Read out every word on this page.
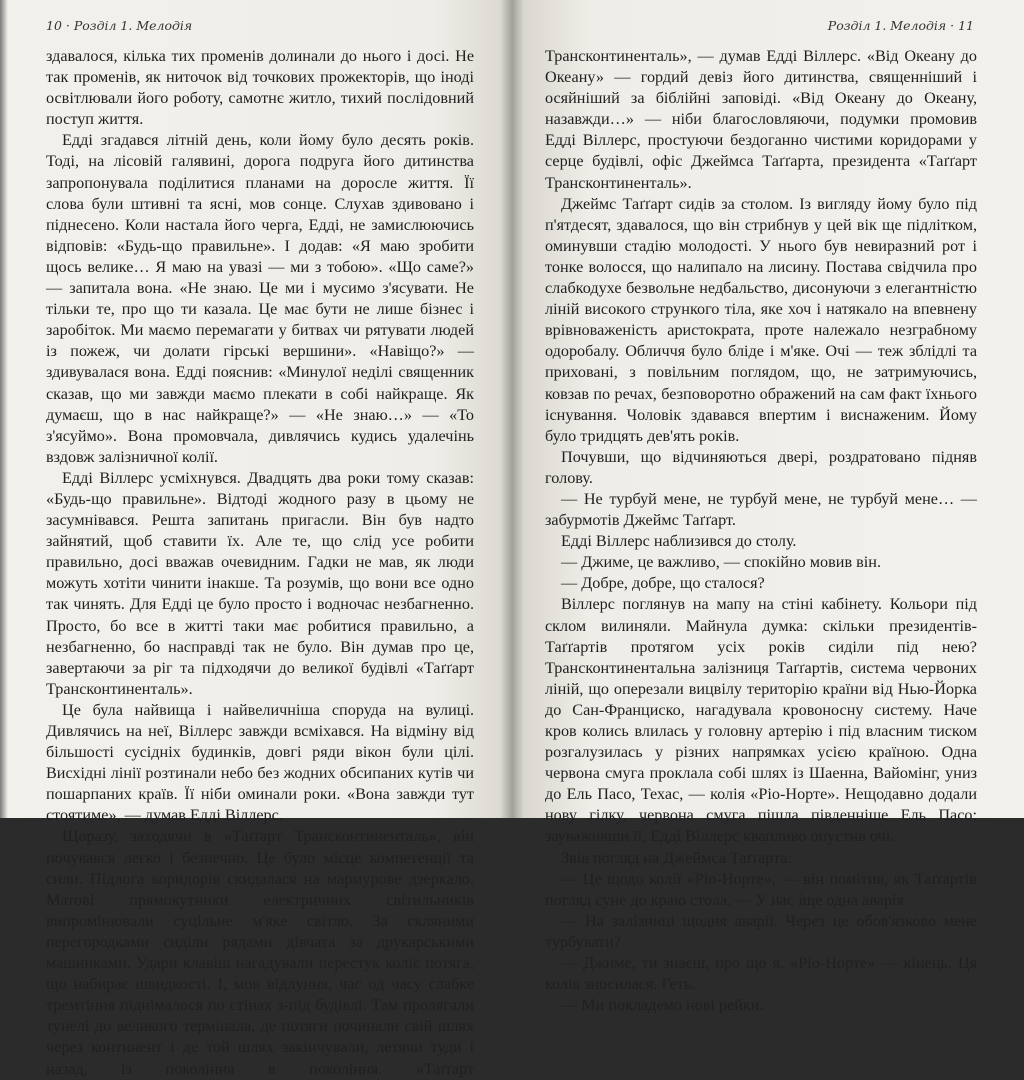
10 · Розділ 1. Мелодія

здавалося, кілька тих променів долинали до нього і досі. Не так променів, як ниточок від точкових прожекторів, що іноді освітлювали його роботу, самотнє житло, тихий послідовний поступ життя.

Едді згадався літній день, коли йому було десять років. Тоді, на лісовій галявині, дорога подруга його дитинства запропонувала поділитися планами на доросле життя. Її слова були штивні та ясні, мов сонце. Слухав здивовано і піднесено. Коли настала його черга, Едді, не замислюючись відповів: «Будь-що правильне». І додав: «Я маю зробити щось велике… Я маю на увазі — ми з тобою». «Що саме?» — запитала вона. «Не знаю. Це ми і мусимо з'ясувати. Не тільки те, про що ти казала. Це має бути не лише бізнес і заробіток. Ми маємо перемагати у битвах чи рятувати людей із пожеж, чи долати гірські вершини». «Навіщо?» — здивувалася вона. Едді пояснив: «Минулої неділі священник сказав, що ми завжди маємо плекати в собі найкраще. Як думаєш, що в нас найкраще?» — «Не знаю…» — «То з'ясуймо». Вона промовчала, дивлячись кудись удалечінь вздовж залізничної колії.

Едді Віллерс усміхнувся. Двадцять два роки тому сказав: «Будь-що правильне». Відтоді жодного разу в цьому не засумнівався. Решта запитань пригасли. Він був надто зайнятий, щоб ставити їх. Але те, що слід усе робити правильно, досі вважав очевидним. Гадки не мав, як люди можуть хотіти чинити інакше. Та розумів, що вони все одно так чинять. Для Едді це було просто і водночас незбагненно. Просто, бо все в житті таки має робитися правильно, а незбагненно, бо насправді так не було. Він думав про це, завертаючи за ріг та підходячи до великої будівлі «Таґґарт Трансконтиненталь».

Це була найвища і найвеличніша споруда на вулиці. Дивлячись на неї, Віллерс завжди всміхався. На відміну від більшості сусідніх будинків, довгі ряди вікон були цілі. Висхідні лінії розтинали небо без жодних обсипаних кутів чи пошарпаних країв. Її ніби оминали роки. «Вона завжди тут стоятиме», — думав Едді Віллерс.

Щоразу, заходячи в «Таґґарт Трансконтиненталь», він почувався легко і безпечно. Це було місце компетенції та сили. Підлога коридорів скидалася на мармурове дзеркало. Матові прямокутники електричних світильників випромінювали суцільне м'яке світло. За скляними перегородками сиділи рядами дівчата за друкарськими машинками. Удари клавіш нагадували перестук коліс потяга, що набирає швидкості. І, мов відлуння, час од часу слабке тремтіння піднімалося по стінах з-під будівлі. Там пролягали тунелі до великого термінала, де потяги починали свій шлях через континент і де той шлях закінчували, летячи туди і назад, із покоління в покоління. «Таґґарт

Розділ 1. Мелодія · 11

Трансконтиненталь», — думав Едді Віллерс. «Від Океану до Океану» — гордий девіз його дитинства, священніший і осяйніший за біблійні заповіді. «Від Океану до Океану, назавжди…» — ніби благословляючи, подумки промовив Едді Віллерс, простуючи бездоганно чистими коридорами у серце будівлі, офіс Джеймса Таґґарта, президента «Таґґарт Трансконтиненталь».

Джеймс Таґґарт сидів за столом. Із вигляду йому було під п'ятдесят, здавалося, що він стрибнув у цей вік ще підлітком, оминувши стадію молодості. У нього був невиразний рот і тонке волосся, що налипало на лисину. Постава свідчила про слабкодухе безвольне недбальство, дисонуючи з елегантністю ліній високого стрункого тіла, яке хоч і натякало на впевнену врівноваженість аристократа, проте належало незграбному одоробалу. Обличчя було бліде і м'яке. Очі — теж зблідлі та приховані, з повільним поглядом, що, не затримуючись, ковзав по речах, безповоротно ображений на сам факт їхнього існування. Чоловік здавався впертим і виснаженим. Йому було тридцять дев'ять років.

Почувши, що відчиняються двері, роздратовано підняв голову.

— Не турбуй мене, не турбуй мене, не турбуй мене… — забурмотів Джеймс Таґґарт.

Едді Віллерс наблизився до столу.

— Джиме, це важливо, — спокійно мовив він.

— Добре, добре, що сталося?

Віллерс поглянув на мапу на стіні кабінету. Кольори під склом вилиняли. Майнула думка: скільки президентів-Таґґартів протягом усіх років сиділи під нею? Трансконтинентальна залізниця Таґґартів, система червоних ліній, що оперезали вицвілу територію країни від Нью-Йорка до Сан-Франциско, нагадувала кровоносну систему. Наче кров колись влилась у головну артерію і під власним тиском розгалузилась у різних напрямках усією країною. Одна червона смуга проклала собі шлях із Шаенна, Вайомінг, униз до Ель Пасо, Техас, — колія «Ріо-Норте». Нещодавно додали нову гілку, червона смуга пішла південніше Ель Пасо; зауваживши її, Едді Віллерс квапливо опустив очі.

Звів погляд на Джеймса Таґґарта:

— Це щодо колії «Ріо-Норте», — він помітив, як Таґґартів погляд суне до краю стола. — У нас іще одна аварія.

— На залізниці щодня аварії. Через це обов'язково мене турбувати?

— Джиме, ти знаєш, про що я. «Ріо-Норте» — кінець. Ця колія зносилася. Геть.

— Ми покладемо нові рейки.
